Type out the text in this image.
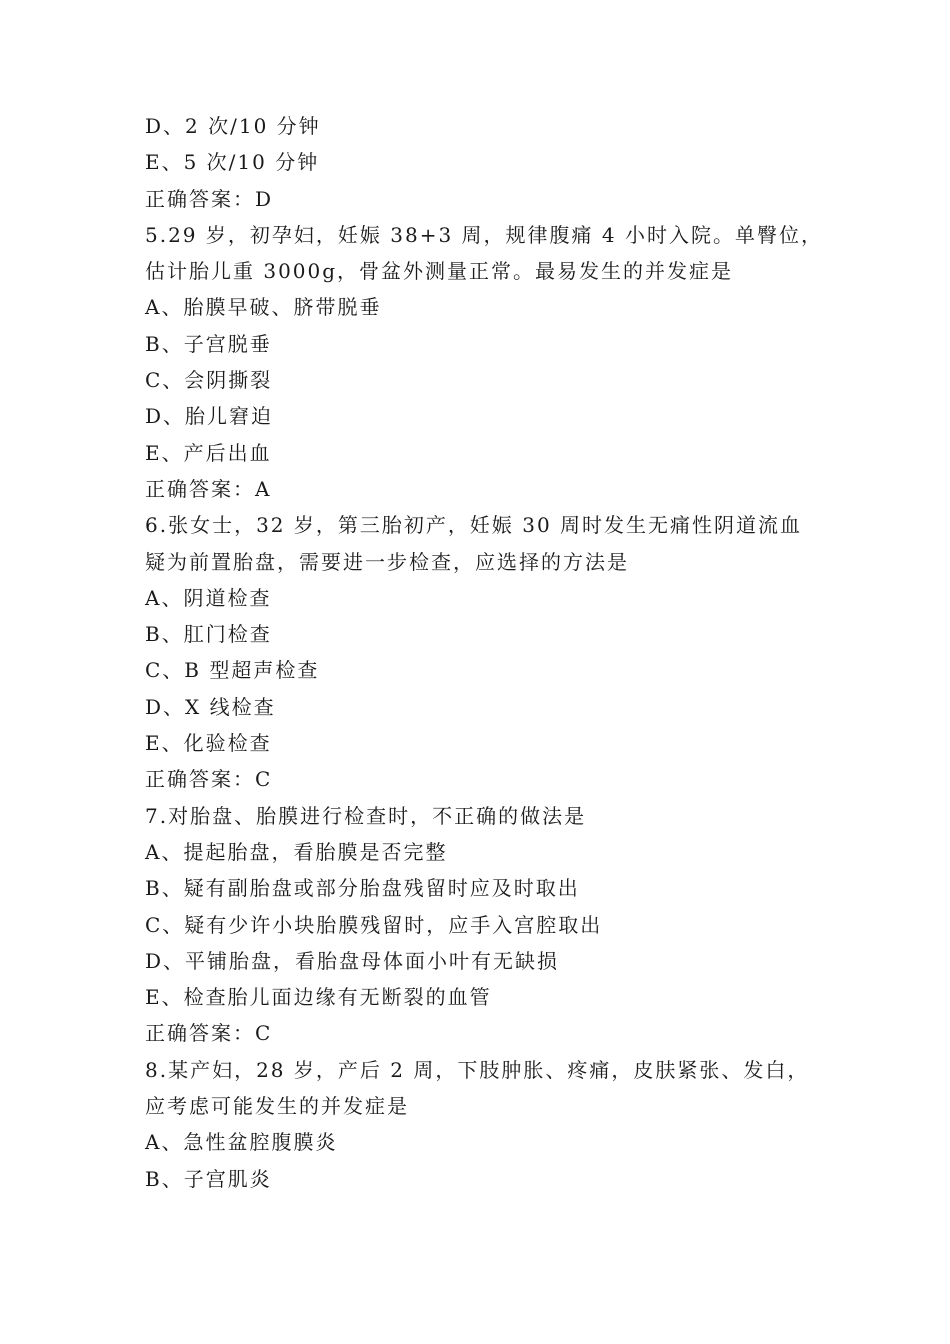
D、2 次/10 分钟
E、5 次/10 分钟
正确答案：D
5.29 岁，初孕妇，妊娠 38+3 周，规律腹痛 4 小时入院。单臀位，
估计胎儿重 3000g，骨盆外测量正常。最易发生的并发症是
A、胎膜早破、脐带脱垂
B、子宫脱垂
C、会阴撕裂
D、胎儿窘迫
E、产后出血
正确答案：A
6.张女士，32 岁，第三胎初产，妊娠 30 周时发生无痛性阴道流血
疑为前置胎盘，需要进一步检查，应选择的方法是
A、阴道检查
B、肛门检查
C、B 型超声检查
D、X 线检查
E、化验检查
正确答案：C
7.对胎盘、胎膜进行检查时，不正确的做法是
A、提起胎盘，看胎膜是否完整
B、疑有副胎盘或部分胎盘残留时应及时取出
C、疑有少许小块胎膜残留时，应手入宫腔取出
D、平铺胎盘，看胎盘母体面小叶有无缺损
E、检查胎儿面边缘有无断裂的血管
正确答案：C
8.某产妇，28 岁，产后 2 周，下肢肿胀、疼痛，皮肤紧张、发白，
应考虑可能发生的并发症是
A、急性盆腔腹膜炎
B、子宫肌炎
